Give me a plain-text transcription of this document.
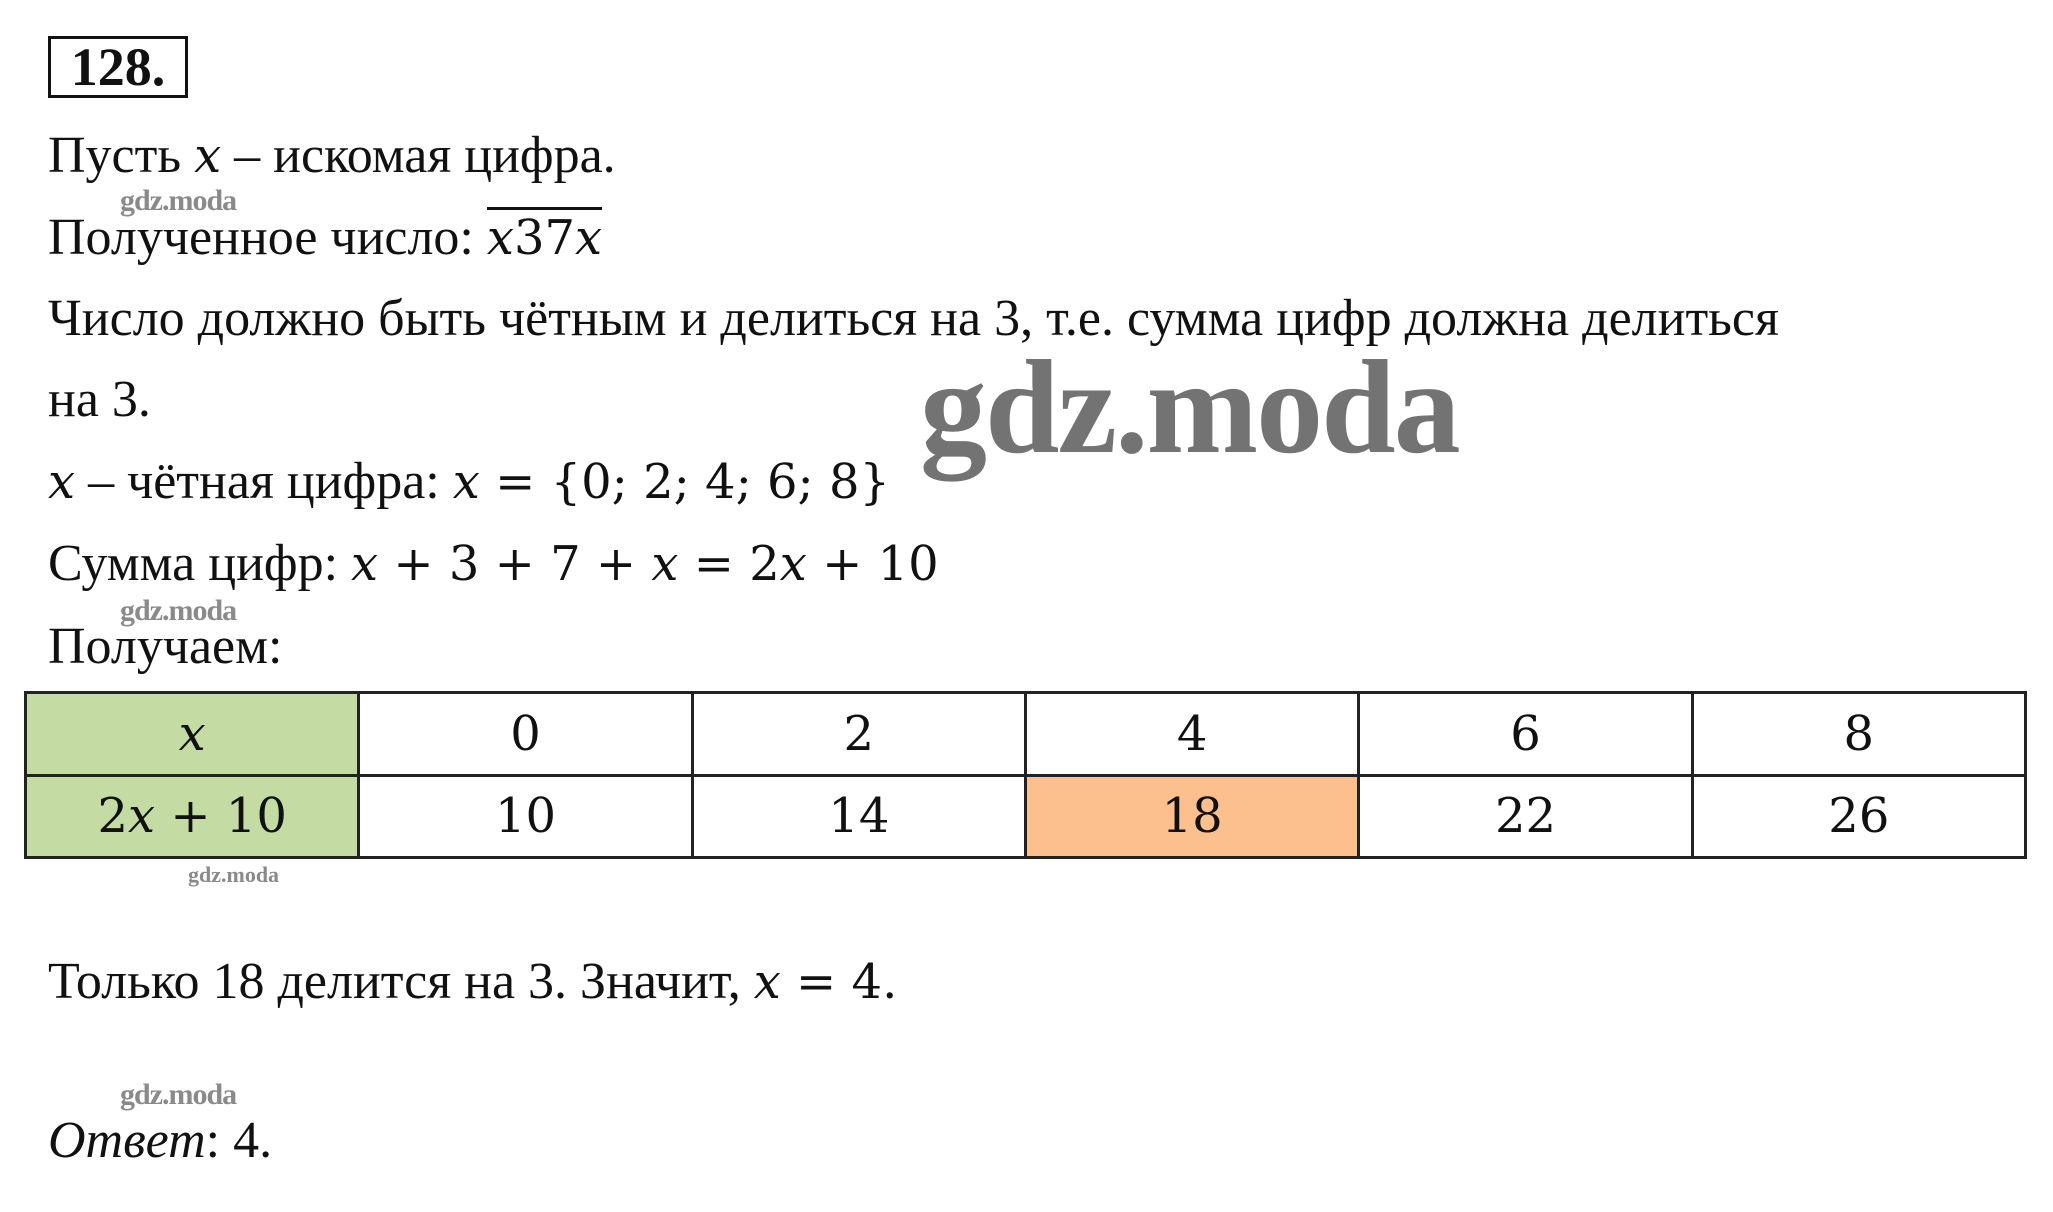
128.
Пусть x – искомая цифра.
gdz.moda
Полученное число: x37x
Число должно быть чётным и делиться на 3, т.е. сумма цифр должна делиться
на 3.	gdz.moda
x – чётная цифра: x = {0; 2; 4; 6; 8}
Сумма цифр: x + 3 + 7 + x = 2x + 10
gdz.moda
Получаем:
x	0	2	4	6	8
2x + 10	10	14	18	22	26
gdz.moda
Только 18 делится на 3. Значит, x = 4.
gdz.moda
Ответ: 4.
